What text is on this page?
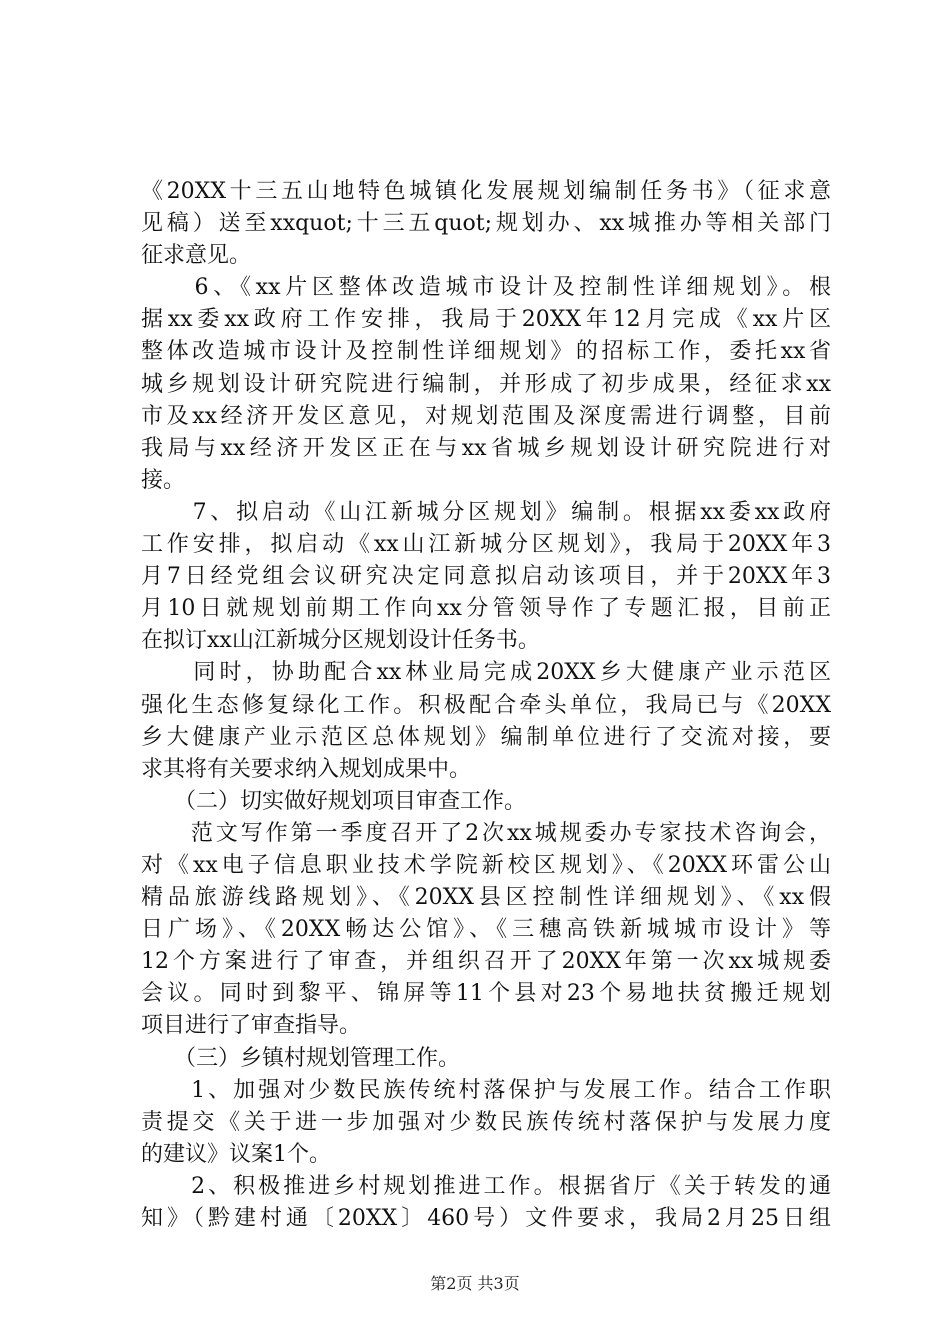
《20XX十三五山地特色城镇化发展规划编制任务书》（征求意
见稿）送至xxquot;十三五quot;规划办、xx城推办等相关部门
征求意见。
　　6、《xx片区整体改造城市设计及控制性详细规划》。根
据xx委xx政府工作安排，我局于20XX年12月完成《xx片区
整体改造城市设计及控制性详细规划》的招标工作，委托xx省
城乡规划设计研究院进行编制，并形成了初步成果，经征求xx
市及xx经济开发区意见，对规划范围及深度需进行调整，目前
我局与xx经济开发区正在与xx省城乡规划设计研究院进行对
接。
　　7、拟启动《山江新城分区规划》编制。根据xx委xx政府
工作安排，拟启动《xx山江新城分区规划》，我局于20XX年3
月7日经党组会议研究决定同意拟启动该项目，并于20XX年3
月10日就规划前期工作向xx分管领导作了专题汇报，目前正
在拟订xx山江新城分区规划设计任务书。
　　同时，协助配合xx林业局完成20XX乡大健康产业示范区
强化生态修复绿化工作。积极配合牵头单位，我局已与《20XX
乡大健康产业示范区总体规划》编制单位进行了交流对接，要
求其将有关要求纳入规划成果中。
　　（二）切实做好规划项目审查工作。
　　范文写作第一季度召开了2次xx城规委办专家技术咨询会，
对《xx电子信息职业技术学院新校区规划》、《20XX环雷公山
精品旅游线路规划》、《20XX县区控制性详细规划》、《xx假
日广场》、《20XX畅达公馆》、《三穗高铁新城城市设计》等
12个方案进行了审查，并组织召开了20XX年第一次xx城规委
会议。同时到黎平、锦屏等11个县对23个易地扶贫搬迁规划
项目进行了审查指导。
　　（三）乡镇村规划管理工作。
　　1、加强对少数民族传统村落保护与发展工作。结合工作职
责提交《关于进一步加强对少数民族传统村落保护与发展力度
的建议》议案1个。
　　2、积极推进乡村规划推进工作。根据省厅《关于转发的通
知》（黔建村通〔20XX〕460号）文件要求，我局2月25日组
第2页 共3页
